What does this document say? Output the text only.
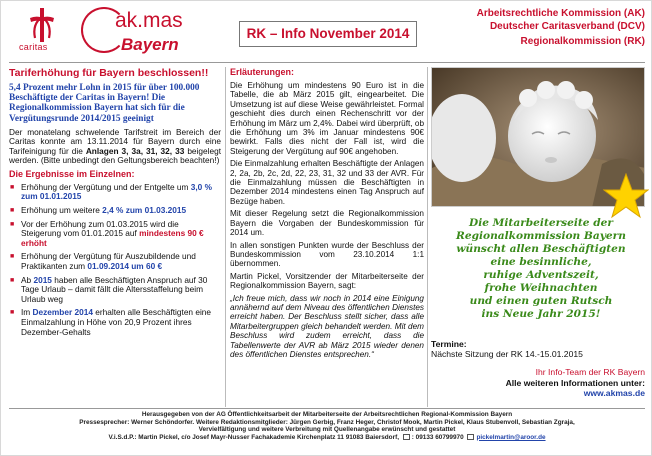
caritas
ak.mas
Bayern
RK – Info November 2014
Arbeitsrechtliche Kommission (AK)
Deutscher Caritasverband (DCV)
Regionalkommission (RK)
Tariferhöhung für Bayern beschlossen!!
5,4 Prozent mehr Lohn in 2015 für über 100.000 Beschäftigte der Caritas in Bayern! Die Regionalkommission Bayern hat sich für die Vergütungsrunde 2014/2015 geeinigt
Der monatelang schwelende Tarifstreit im Bereich der Caritas konnte am 13.11.2014 für Bayern durch eine Tarifeinigung für die Anlagen 3, 3a, 31, 32, 33 beigelegt werden. (Bitte unbedingt den Geltungsbereich beachten!)
Die Ergebnisse im Einzelnen:
■ Erhöhung der Vergütung und der Entgelte um 3,0 % zum 01.01.2015
■ Erhöhung um weitere 2,4 % zum 01.03.2015
■ Vor der Erhöhung zum 01.03.2015 wird die Steigerung vom 01.01.2015 auf mindestens 90 € erhöht
■ Erhöhung der Vergütung für Auszubildende und Praktikanten zum 01.09.2014 um 60 €
■ Ab 2015 haben alle Beschäftigten Anspruch auf 30 Tage Urlaub – damit fällt die Altersstaffelung beim Urlaub weg
■ Im Dezember 2014 erhalten alle Beschäftigten eine Einmalzahlung in Höhe von 20,9 Prozent ihres Dezember-Gehalts
Erläuterungen:
Die Erhöhung um mindestens 90 Euro ist in die Tabelle, die ab März 2015 gilt, eingearbeitet. Die Umsetzung ist auf diese Weise gewährleistet. Formal geschieht dies durch einen Rechenschritt vor der Erhöhung im März um 2,4%. Dabei wird überprüft, ob die Erhöhung um 3% im Januar mindestens 90€ bewirkt. Falls dies nicht der Fall ist, wird die Steigerung der Vergütung auf 90€ angehoben.
Die Einmalzahlung erhalten Beschäftigte der Anlagen 2, 2a, 2b, 2c, 2d, 22, 23, 31, 32 und 33 der AVR. Für die Einmalzahlung müssen die Beschäftigten in Dezember 2014 mindestens einen Tag Anspruch auf Bezüge haben.
Mit dieser Regelung setzt die Regionalkommission Bayern die Vorgaben der Bundeskommission für 2014 um.
In allen sonstigen Punkten wurde der Beschluss der Bundeskommission vom 23.10.2014 1:1 übernommen.
Martin Pickel, Vorsitzender der Mitarbeiterseite der Regionalkommission Bayern, sagt:
„Ich freue mich, dass wir noch in 2014 eine Einigung annähernd auf dem Niveau des öffentlichen Dienstes erreicht haben. Der Beschluss stellt sicher, dass alle Mitarbeitergruppen gleich behandelt werden. Mit dem Beschluss wird zudem erreicht, dass die Tabellenwerte der AVR ab März 2015 wieder denen des öffentlichen Dienstes entsprechen.“
Die Mitarbeiterseite der
Regionalkommission Bayern
wünscht allen Beschäftigten
eine besinnliche,
ruhige Adventszeit,
frohe Weihnachten
und einen guten Rutsch
ins Neue Jahr 2015!
Termine:
Nächste Sitzung der RK 14.-15.01.2015
Ihr Info-Team der RK Bayern
Alle weiteren Informationen unter:
www.akmas.de
Herausgegeben von der AG Öffentlichkeitsarbeit der Mitarbeiterseite der Arbeitsrechtlichen Regional-Kommission Bayern
Pressesprecher: Werner Schöndorfer. Weitere Redaktionsmitglieder: Jürgen Gerbig, Franz Heger, Christof Mook, Martin Pickel, Klaus Stubenvoll, Sebastian Zgraja,
Vervielfältigung und weitere Verbreitung mit Quellenangabe erwünscht und gestattet
V.i.S.d.P.: Martin Pickel, c/o Josef Mayr-Nusser Fachakademie Kirchenplatz 11 91083 Baiersdorf, : 09133 60799970 pickelmartin@aroor.de
